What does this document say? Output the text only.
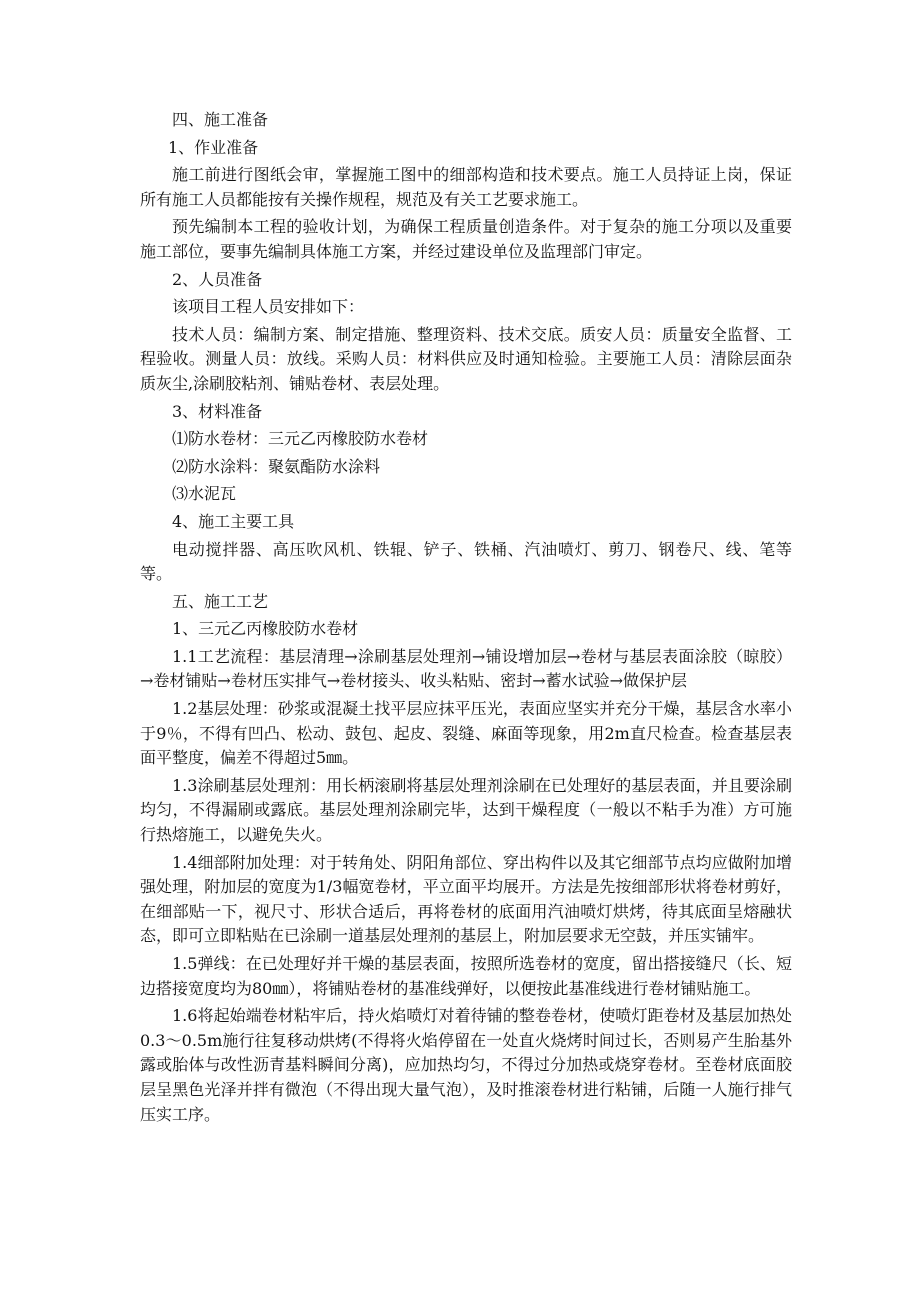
四、施工准备

1、作业准备

施工前进行图纸会审，掌握施工图中的细部构造和技术要点。施工人员持证上岗，保证所有施工人员都能按有关操作规程，规范及有关工艺要求施工。

预先编制本工程的验收计划，为确保工程质量创造条件。对于复杂的施工分项以及重要施工部位，要事先编制具体施工方案，并经过建设单位及监理部门审定。

2、人员准备

该项目工程人员安排如下：

技术人员：编制方案、制定措施、整理资料、技术交底。质安人员：质量安全监督、工程验收。测量人员：放线。采购人员：材料供应及时通知检验。主要施工人员：清除层面杂质灰尘,涂刷胶粘剂、铺贴卷材、表层处理。

3、材料准备

⑴防水卷材：三元乙丙橡胶防水卷材

⑵防水涂料：聚氨酯防水涂料

⑶水泥瓦

4、施工主要工具

电动搅拌器、高压吹风机、铁辊、铲子、铁桶、汽油喷灯、剪刀、钢卷尺、线、笔等等。

五、施工工艺

1、三元乙丙橡胶防水卷材

1.1工艺流程：基层清理→涂刷基层处理剂→铺设增加层→卷材与基层表面涂胶（晾胶）→卷材铺贴→卷材压实排气→卷材接头、收头粘贴、密封→蓄水试验→做保护层

1.2基层处理：砂浆或混凝土找平层应抹平压光，表面应坚实并充分干燥，基层含水率小于9％，不得有凹凸、松动、鼓包、起皮、裂缝、麻面等现象，用2m直尺检查。检查基层表面平整度，偏差不得超过5㎜。

1.3涂刷基层处理剂：用长柄滚刷将基层处理剂涂刷在已处理好的基层表面，并且要涂刷均匀，不得漏刷或露底。基层处理剂涂刷完毕，达到干燥程度（一般以不粘手为准）方可施行热熔施工，以避免失火。

1.4细部附加处理：对于转角处、阴阳角部位、穿出构件以及其它细部节点均应做附加增强处理，附加层的宽度为1/3幅宽卷材，平立面平均展开。方法是先按细部形状将卷材剪好，在细部贴一下，视尺寸、形状合适后，再将卷材的底面用汽油喷灯烘烤，待其底面呈熔融状态，即可立即粘贴在已涂刷一道基层处理剂的基层上，附加层要求无空鼓，并压实铺牢。

1.5弹线：在已处理好并干燥的基层表面，按照所选卷材的宽度，留出搭接缝尺（长、短边搭接宽度均为80㎜），将铺贴卷材的基准线弹好，以便按此基准线进行卷材铺贴施工。

1.6将起始端卷材粘牢后，持火焰喷灯对着待铺的整卷卷材，使喷灯距卷材及基层加热处0.3～0.5m施行往复移动烘烤(不得将火焰停留在一处直火烧烤时间过长，否则易产生胎基外露或胎体与改性沥青基料瞬间分离)，应加热均匀，不得过分加热或烧穿卷材。至卷材底面胶层呈黑色光泽并拌有微泡（不得出现大量气泡），及时推滚卷材进行粘铺，后随一人施行排气压实工序。
